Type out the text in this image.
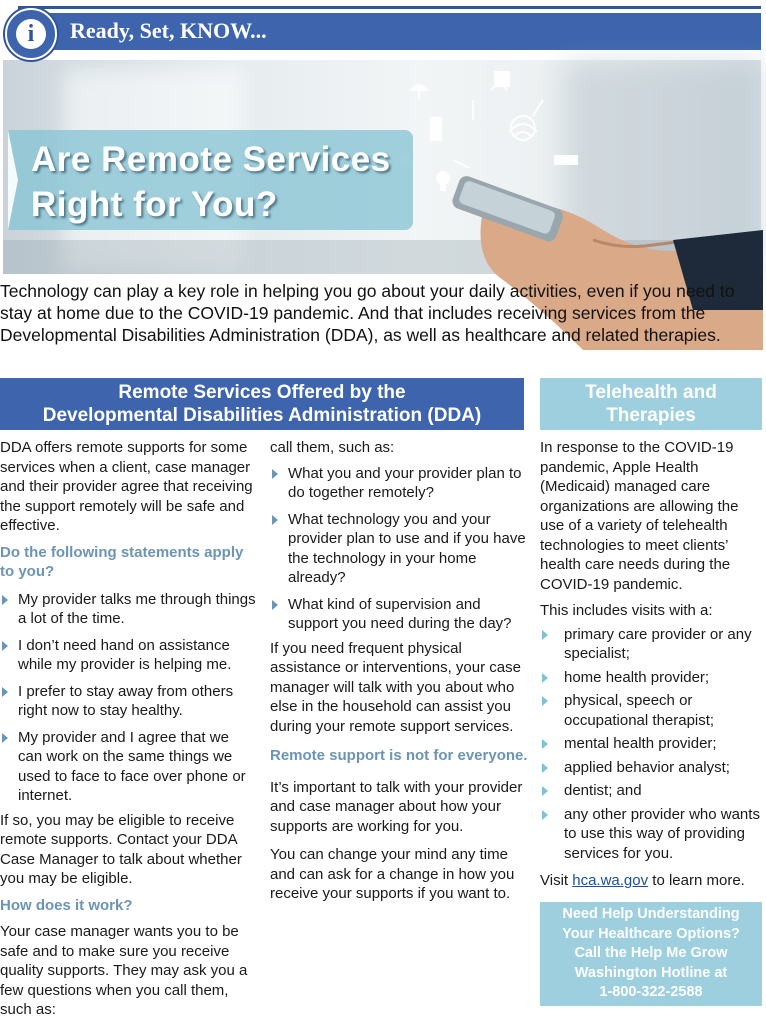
Ready, Set, KNOW...
i
Are Remote Services
Right for You?
Technology can play a key role in helping you go about your daily activities, even if you need to stay at home due to the COVID-19 pandemic. And that includes receiving services from the Developmental Disabilities Administration (DDA), as well as healthcare and related therapies.
Remote Services Offered by the
Developmental Disabilities Administration (DDA)
Telehealth and
Therapies

DDA offers remote supports for some services when a client, case manager and their provider agree that receiving the support remotely will be safe and effective.

Do the following statements apply to you?

My provider talks me through things a lot of the time.
I don’t need hand on assistance while my provider is helping me.
I prefer to stay away from others right now to stay healthy.
My provider and I agree that we can work on the same things we used to face to face over phone or internet.

If so, you may be eligible to receive remote supports. Contact your DDA Case Manager to talk about whether you may be eligible.

How does it work?

Your case manager wants you to be safe and to make sure you receive quality supports. They may ask you a few questions when you call them, such as:

call them, such as:

What you and your provider plan to do together remotely?
What technology you and your provider plan to use and if you have the technology in your home already?
What kind of supervision and support you need during the day?

If you need frequent physical assistance or interventions, your case manager will talk with you about who else in the household can assist you during your remote support services.

Remote support is not for everyone.

It’s important to talk with your provider and case manager about how your supports are working for you.

You can change your mind any time and can ask for a change in how you receive your supports if you want to.

In response to the COVID-19 pandemic, Apple Health (Medicaid) managed care organizations are allowing the use of a variety of telehealth technologies to meet clients’ health care needs during the COVID-19 pandemic.

This includes visits with a:

primary care provider or any specialist;
home health provider;
physical, speech or occupational therapist;
mental health provider;
applied behavior analyst;
dentist; and
any other provider who wants to use this way of providing services for you.

Visit hca.wa.gov to learn more.

Need Help Understanding
Your Healthcare Options?
Call the Help Me Grow
Washington Hotline at
1-800-322-2588
